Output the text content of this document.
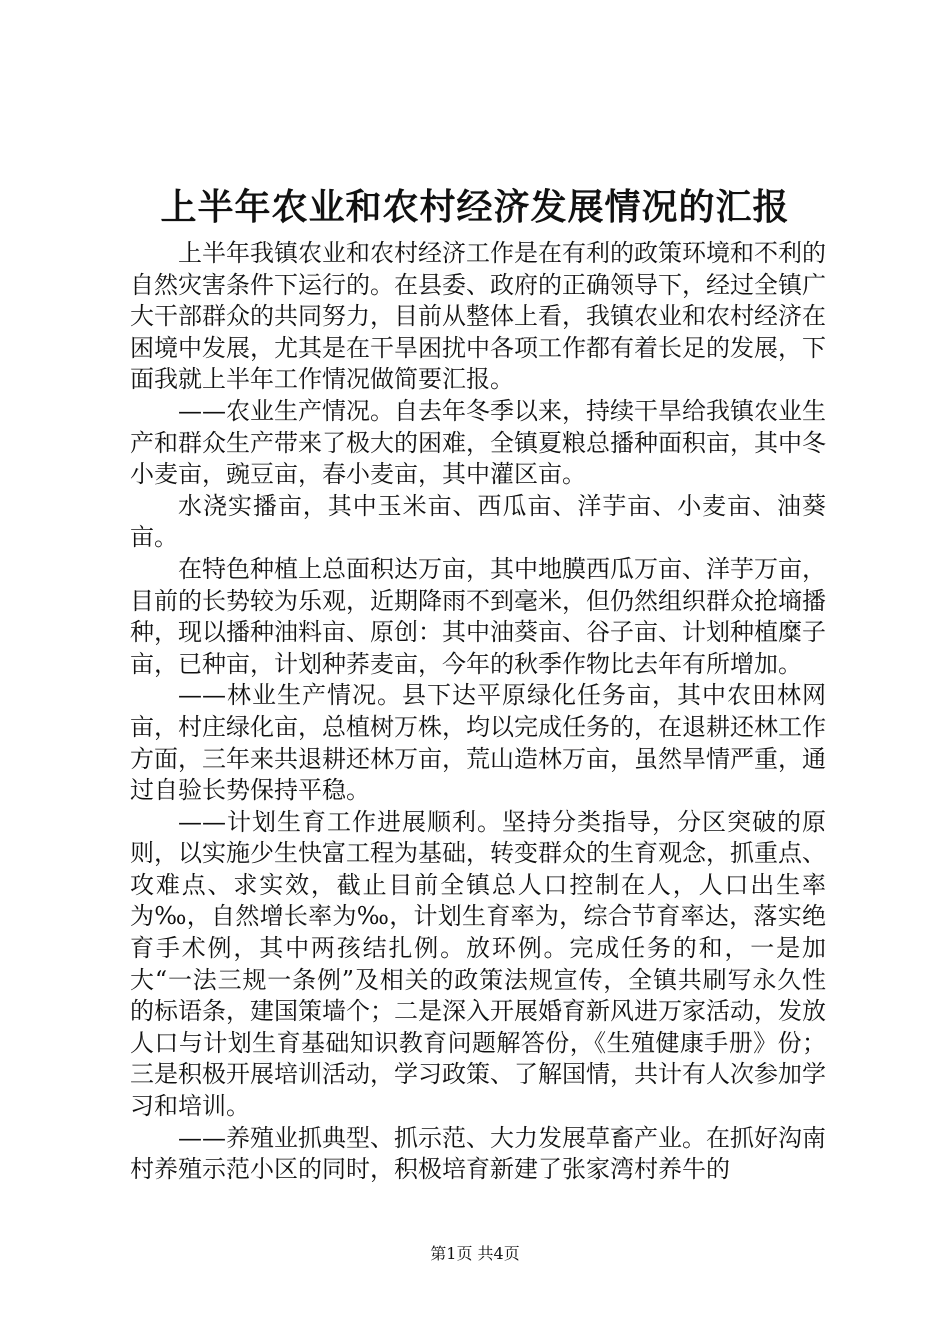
上半年农业和农村经济发展情况的汇报

上半年我镇农业和农村经济工作是在有利的政策环境和不利的自然灾害条件下运行的。在县委、政府的正确领导下，经过全镇广大干部群众的共同努力，目前从整体上看，我镇农业和农村经济在困境中发展，尤其是在干旱困扰中各项工作都有着长足的发展，下面我就上半年工作情况做简要汇报。

——农业生产情况。自去年冬季以来，持续干旱给我镇农业生产和群众生产带来了极大的困难，全镇夏粮总播种面积亩，其中冬小麦亩，豌豆亩，春小麦亩，其中灌区亩。

水浇实播亩，其中玉米亩、西瓜亩、洋芋亩、小麦亩、油葵亩。

在特色种植上总面积达万亩，其中地膜西瓜万亩、洋芋万亩，目前的长势较为乐观，近期降雨不到毫米，但仍然组织群众抢墒播种，现以播种油料亩、原创：其中油葵亩、谷子亩、计划种植糜子亩，已种亩，计划种荞麦亩，今年的秋季作物比去年有所增加。

——林业生产情况。县下达平原绿化任务亩，其中农田林网亩，村庄绿化亩，总植树万株，均以完成任务的，在退耕还林工作方面，三年来共退耕还林万亩，荒山造林万亩，虽然旱情严重，通过自验长势保持平稳。

——计划生育工作进展顺利。坚持分类指导，分区突破的原则，以实施少生快富工程为基础，转变群众的生育观念，抓重点、攻难点、求实效，截止目前全镇总人口控制在人，人口出生率为‰，自然增长率为‰，计划生育率为，综合节育率达，落实绝育手术例，其中两孩结扎例。放环例。完成任务的和，一是加大“一法三规一条例”及相关的政策法规宣传，全镇共刷写永久性的标语条，建国策墙个；二是深入开展婚育新风进万家活动，发放人口与计划生育基础知识教育问题解答份，《生殖健康手册》份；三是积极开展培训活动，学习政策、了解国情，共计有人次参加学习和培训。

——养殖业抓典型、抓示范、大力发展草畜产业。在抓好沟南村养殖示范小区的同时，积极培育新建了张家湾村养牛的

第1页 共4页
